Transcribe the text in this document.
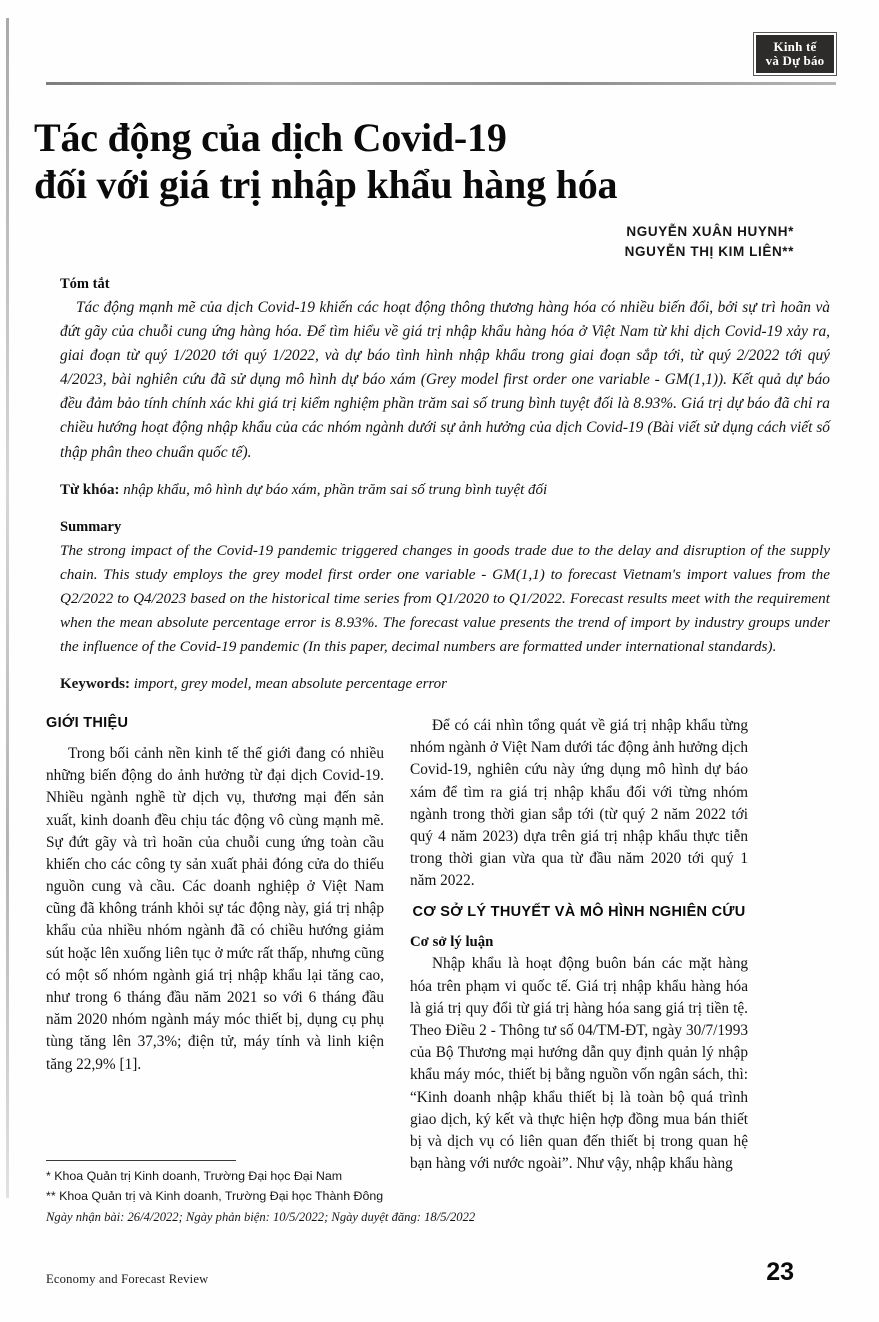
Kinh tế
và Dự báo
Tác động của dịch Covid-19
đối với giá trị nhập khẩu hàng hóa
NGUYỄN XUÂN HUYNH*
NGUYỄN THỊ KIM LIÊN**
Tóm tắt
Tác động mạnh mẽ của dịch Covid-19 khiến các hoạt động thông thương hàng hóa có nhiều biến đổi, bởi sự trì hoãn và đứt gãy của chuỗi cung ứng hàng hóa. Để tìm hiểu về giá trị nhập khẩu hàng hóa ở Việt Nam từ khi dịch Covid-19 xảy ra, giai đoạn từ quý 1/2020 tới quý 1/2022, và dự báo tình hình nhập khẩu trong giai đoạn sắp tới, từ quý 2/2022 tới quý 4/2023, bài nghiên cứu đã sử dụng mô hình dự báo xám (Grey model first order one variable - GM(1,1)). Kết quả dự báo đều đảm bảo tính chính xác khi giá trị kiểm nghiệm phần trăm sai số trung bình tuyệt đối là 8.93%. Giá trị dự báo đã chỉ ra chiều hướng hoạt động nhập khẩu của các nhóm ngành dưới sự ảnh hưởng của dịch Covid-19 (Bài viết sử dụng cách viết số thập phân theo chuẩn quốc tế).
Từ khóa: nhập khẩu, mô hình dự báo xám, phần trăm sai số trung bình tuyệt đối
Summary
The strong impact of the Covid-19 pandemic triggered changes in goods trade due to the delay and disruption of the supply chain. This study employs the grey model first order one variable - GM(1,1) to forecast Vietnam's import values from the Q2/2022 to Q4/2023 based on the historical time series from Q1/2020 to Q1/2022. Forecast results meet with the requirement when the mean absolute percentage error is 8.93%. The forecast value presents the trend of import by industry groups under the influence of the Covid-19 pandemic (In this paper, decimal numbers are formatted under international standards).
Keywords: import, grey model, mean absolute percentage error
GIỚI THIỆU

Trong bối cảnh nền kinh tế thế giới đang có nhiều những biến động do ảnh hưởng từ đại dịch Covid-19. Nhiều ngành nghề từ dịch vụ, thương mại đến sản xuất, kinh doanh đều chịu tác động vô cùng mạnh mẽ. Sự đứt gãy và trì hoãn của chuỗi cung ứng toàn cầu khiến cho các công ty sản xuất phải đóng cửa do thiếu nguồn cung và cầu. Các doanh nghiệp ở Việt Nam cũng đã không tránh khỏi sự tác động này, giá trị nhập khẩu của nhiều nhóm ngành đã có chiều hướng giảm sút hoặc lên xuống liên tục ở mức rất thấp, nhưng cũng có một số nhóm ngành giá trị nhập khẩu lại tăng cao, như trong 6 tháng đầu năm 2021 so với 6 tháng đầu năm 2020 nhóm ngành máy móc thiết bị, dụng cụ phụ tùng tăng lên 37,3%; điện tử, máy tính và linh kiện tăng 22,9% [1].

Để có cái nhìn tổng quát về giá trị nhập khẩu từng nhóm ngành ở Việt Nam dưới tác động ảnh hưởng dịch Covid-19, nghiên cứu này ứng dụng mô hình dự báo xám để tìm ra giá trị nhập khẩu đối với từng nhóm ngành trong thời gian sắp tới (từ quý 2 năm 2022 tới quý 4 năm 2023) dựa trên giá trị nhập khẩu thực tiễn trong thời gian vừa qua từ đầu năm 2020 tới quý 1 năm 2022.

CƠ SỞ LÝ THUYẾT VÀ MÔ HÌNH NGHIÊN CỨU
Cơ sở lý luận

Nhập khẩu là hoạt động buôn bán các mặt hàng hóa trên phạm vi quốc tế. Giá trị nhập khẩu hàng hóa là giá trị quy đổi từ giá trị hàng hóa sang giá trị tiền tệ. Theo Điều 2 - Thông tư số 04/TM-ĐT, ngày 30/7/1993 của Bộ Thương mại hướng dẫn quy định quản lý nhập khẩu máy móc, thiết bị bằng nguồn vốn ngân sách, thì: “Kinh doanh nhập khẩu thiết bị là toàn bộ quá trình giao dịch, ký kết và thực hiện hợp đồng mua bán thiết bị và dịch vụ có liên quan đến thiết bị trong quan hệ bạn hàng với nước ngoài”. Như vậy, nhập khẩu hàng

* Khoa Quản trị Kinh doanh, Trường Đại học Đại Nam
** Khoa Quản trị và Kinh doanh, Trường Đại học Thành Đông
Ngày nhận bài: 26/4/2022; Ngày phản biện: 10/5/2022; Ngày duyệt đăng: 18/5/2022
Economy and Forecast Review	23
